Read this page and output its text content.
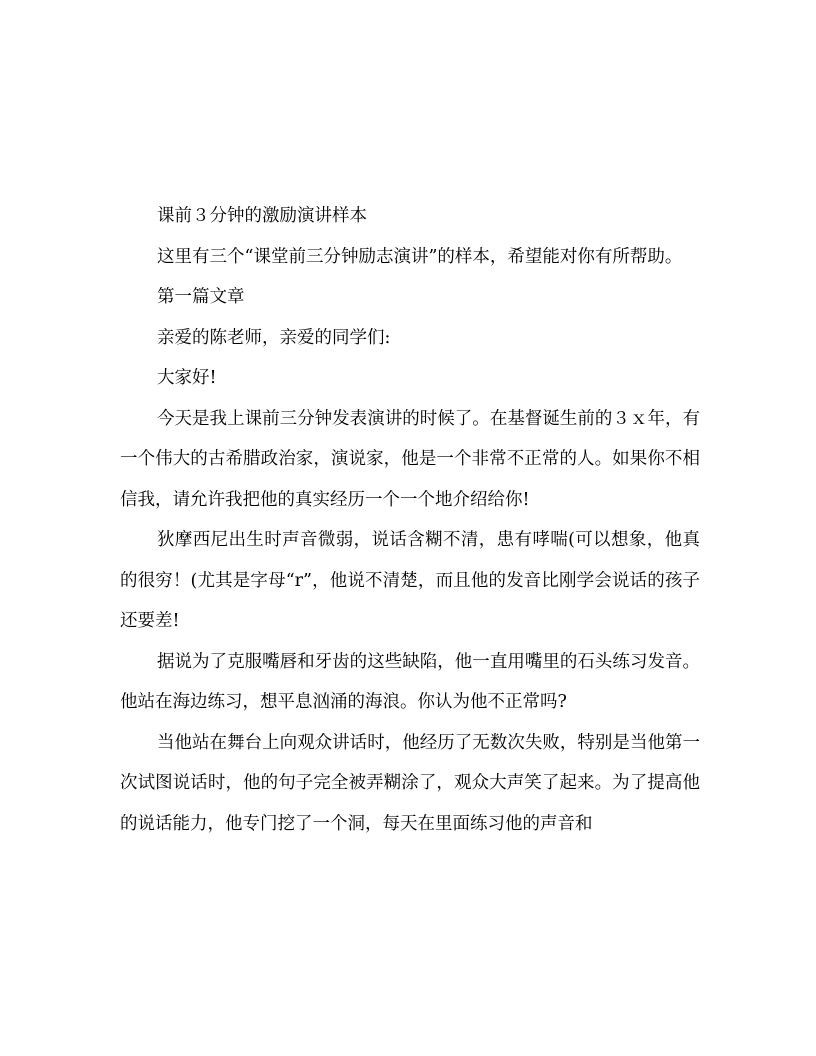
课前３分钟的激励演讲样本

这里有三个“课堂前三分钟励志演讲”的样本，希望能对你有所帮助。

第一篇文章

亲爱的陈老师，亲爱的同学们:

大家好!

今天是我上课前三分钟发表演讲的时候了。在基督诞生前的３ｘ年，有一个伟大的古希腊政治家，演说家，他是一个非常不正常的人。如果你不相信我，请允许我把他的真实经历一个一个地介绍给你!

狄摩西尼出生时声音微弱，说话含糊不清，患有哮喘(可以想象，他真的很穷！(尤其是字母“r”，他说不清楚，而且他的发音比刚学会说话的孩子还要差!

据说为了克服嘴唇和牙齿的这些缺陷，他一直用嘴里的石头练习发音。他站在海边练习，想平息汹涌的海浪。你认为他不正常吗?

当他站在舞台上向观众讲话时，他经历了无数次失败，特别是当他第一次试图说话时，他的句子完全被弄糊涂了，观众大声笑了起来。为了提高他的说话能力，他专门挖了一个洞，每天在里面练习他的声音和
